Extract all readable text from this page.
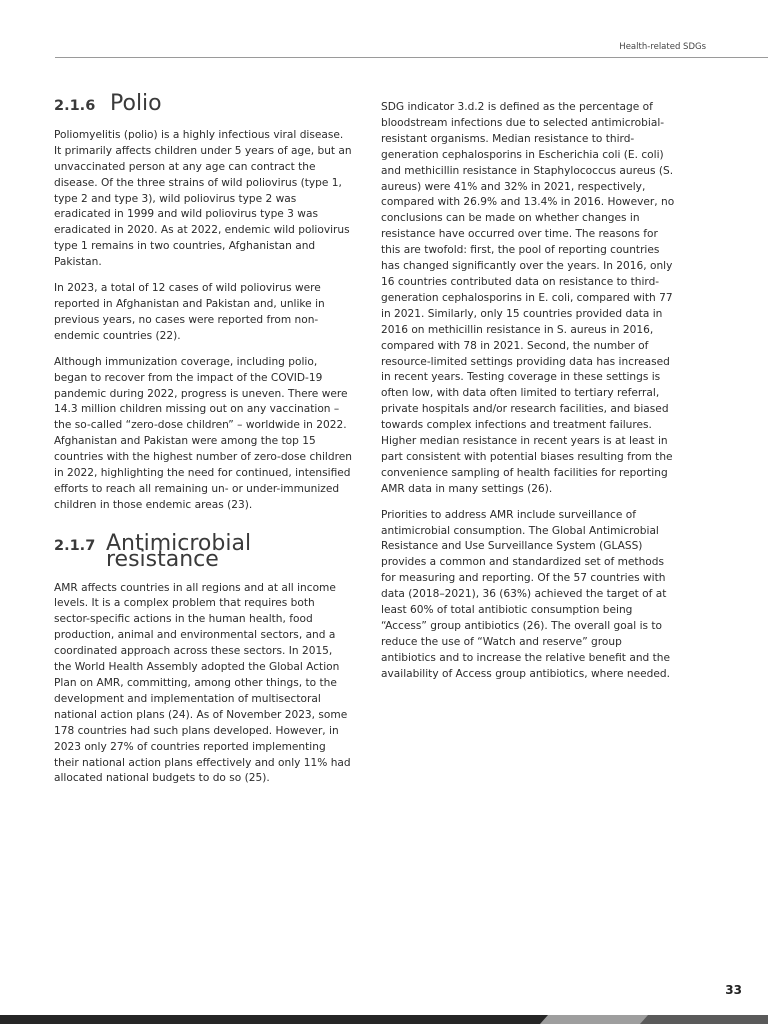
Health-related SDGs
2.1.6 Polio

Poliomyelitis (polio) is a highly infectious viral disease. It primarily affects children under 5 years of age, but an unvaccinated person at any age can contract the disease. Of the three strains of wild poliovirus (type 1, type 2 and type 3), wild poliovirus type 2 was eradicated in 1999 and wild poliovirus type 3 was eradicated in 2020. As at 2022, endemic wild poliovirus type 1 remains in two countries, Afghanistan and Pakistan.

In 2023, a total of 12 cases of wild poliovirus were reported in Afghanistan and Pakistan and, unlike in previous years, no cases were reported from non-endemic countries (22).

Although immunization coverage, including polio, began to recover from the impact of the COVID-19 pandemic during 2022, progress is uneven. There were 14.3 million children missing out on any vaccination – the so-called “zero-dose children” – worldwide in 2022. Afghanistan and Pakistan were among the top 15 countries with the highest number of zero-dose children in 2022, highlighting the need for continued, intensified efforts to reach all remaining un- or under-immunized children in those endemic areas (23).

2.1.7 Antimicrobial resistance

AMR affects countries in all regions and at all income levels. It is a complex problem that requires both sector-specific actions in the human health, food production, animal and environmental sectors, and a coordinated approach across these sectors. In 2015, the World Health Assembly adopted the Global Action Plan on AMR, committing, among other things, to the development and implementation of multisectoral national action plans (24). As of November 2023, some 178 countries had such plans developed. However, in 2023 only 27% of countries reported implementing their national action plans effectively and only 11% had allocated national budgets to do so (25).

SDG indicator 3.d.2 is defined as the percentage of bloodstream infections due to selected antimicrobial-resistant organisms. Median resistance to third-generation cephalosporins in Escherichia coli (E. coli) and methicillin resistance in Staphylococcus aureus (S. aureus) were 41% and 32% in 2021, respectively, compared with 26.9% and 13.4% in 2016. However, no conclusions can be made on whether changes in resistance have occurred over time. The reasons for this are twofold: first, the pool of reporting countries has changed significantly over the years. In 2016, only 16 countries contributed data on resistance to third-generation cephalosporins in E. coli, compared with 77 in 2021. Similarly, only 15 countries provided data in 2016 on methicillin resistance in S. aureus in 2016, compared with 78 in 2021. Second, the number of resource-limited settings providing data has increased in recent years. Testing coverage in these settings is often low, with data often limited to tertiary referral, private hospitals and/or research facilities, and biased towards complex infections and treatment failures. Higher median resistance in recent years is at least in part consistent with potential biases resulting from the convenience sampling of health facilities for reporting AMR data in many settings (26).

Priorities to address AMR include surveillance of antimicrobial consumption. The Global Antimicrobial Resistance and Use Surveillance System (GLASS) provides a common and standardized set of methods for measuring and reporting. Of the 57 countries with data (2018–2021), 36 (63%) achieved the target of at least 60% of total antibiotic consumption being “Access” group antibiotics (26). The overall goal is to reduce the use of “Watch and reserve” group antibiotics and to increase the relative benefit and the availability of Access group antibiotics, where needed.

33
